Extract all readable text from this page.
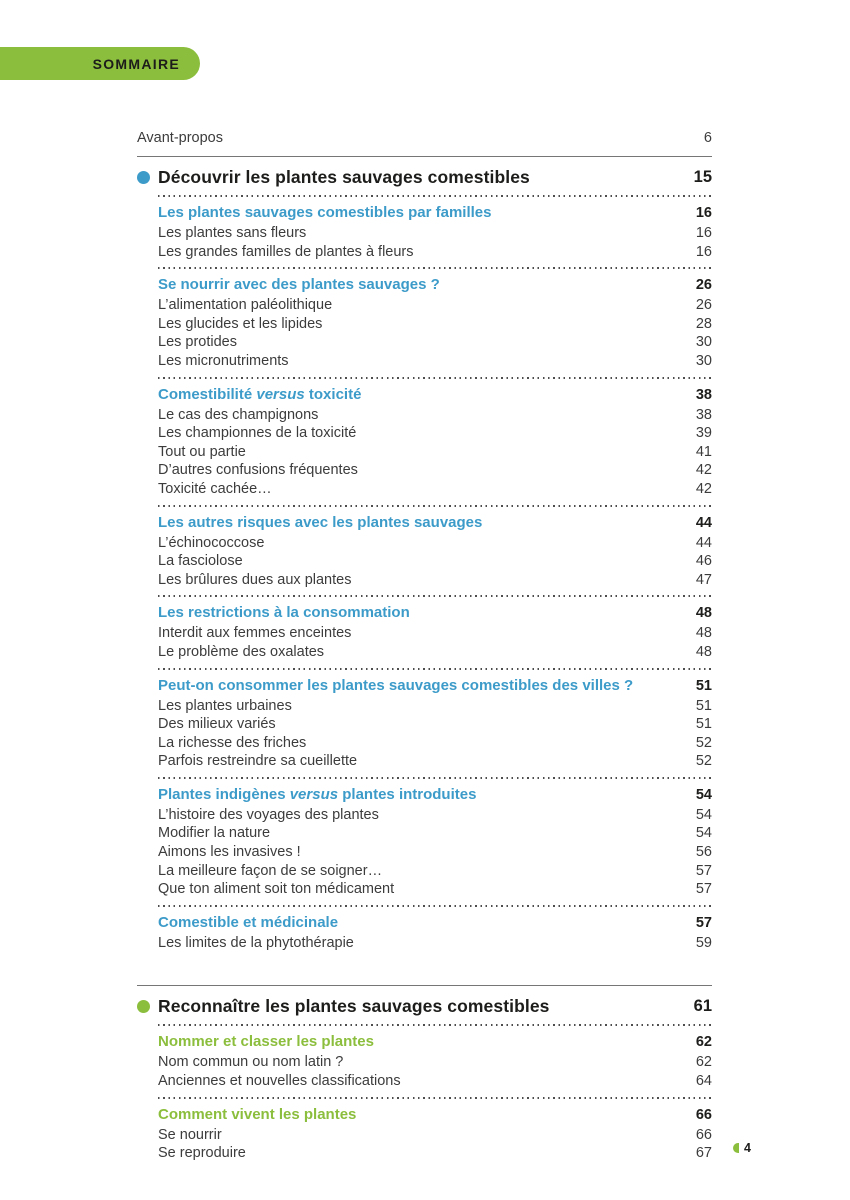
SOMMAIRE
Avant-propos	6
Découvrir les plantes sauvages comestibles	15
Les plantes sauvages comestibles par familles	16
Les plantes sans fleurs	16
Les grandes familles de plantes à fleurs	16
Se nourrir avec des plantes sauvages ?	26
L’alimentation paléolithique	26
Les glucides et les lipides	28
Les protides	30
Les micronutriments	30
Comestibilité versus toxicité	38
Le cas des champignons	38
Les championnes de la toxicité	39
Tout ou partie	41
D’autres confusions fréquentes	42
Toxicité cachée…	42
Les autres risques avec les plantes sauvages	44
L’échinococcose	44
La fasciolose	46
Les brûlures dues aux plantes	47
Les restrictions à la consommation	48
Interdit aux femmes enceintes	48
Le problème des oxalates	48
Peut-on consommer les plantes sauvages comestibles des villes ?	51
Les plantes urbaines	51
Des milieux variés	51
La richesse des friches	52
Parfois restreindre sa cueillette	52
Plantes indigènes versus plantes introduites	54
L’histoire des voyages des plantes	54
Modifier la nature	54
Aimons les invasives !	56
La meilleure façon de se soigner…	57
Que ton aliment soit ton médicament	57
Comestible et médicinale	57
Les limites de la phytothérapie	59
Reconnaître les plantes sauvages comestibles	61
Nommer et classer les plantes	62
Nom commun ou nom latin ?	62
Anciennes et nouvelles classifications	64
Comment vivent les plantes	66
Se nourrir	66
Se reproduire	67	4
